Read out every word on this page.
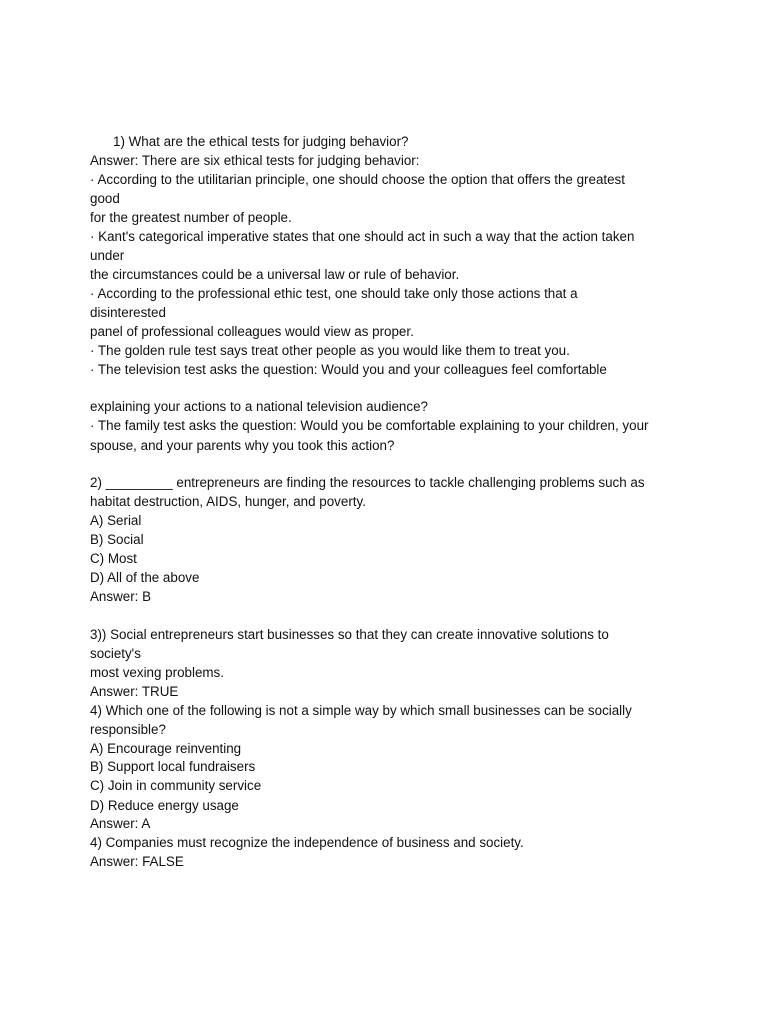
1) What are the ethical tests for judging behavior?
Answer: There are six ethical tests for judging behavior:
· According to the utilitarian principle, one should choose the option that offers the greatest
good
for the greatest number of people.
· Kant's categorical imperative states that one should act in such a way that the action taken
under
the circumstances could be a universal law or rule of behavior.
· According to the professional ethic test, one should take only those actions that a
disinterested
panel of professional colleagues would view as proper.
· The golden rule test says treat other people as you would like them to treat you.
· The television test asks the question: Would you and your colleagues feel comfortable
explaining your actions to a national television audience?
· The family test asks the question: Would you be comfortable explaining to your children, your
spouse, and your parents why you took this action?
2) _________ entrepreneurs are finding the resources to tackle challenging problems such as
habitat destruction, AIDS, hunger, and poverty.
A) Serial
B) Social
C) Most
D) All of the above
Answer: B
3)) Social entrepreneurs start businesses so that they can create innovative solutions to
society's
most vexing problems.
Answer: TRUE
4) Which one of the following is not a simple way by which small businesses can be socially
responsible?
A) Encourage reinventing
B) Support local fundraisers
C) Join in community service
D) Reduce energy usage
Answer: A
4) Companies must recognize the independence of business and society.
Answer: FALSE
